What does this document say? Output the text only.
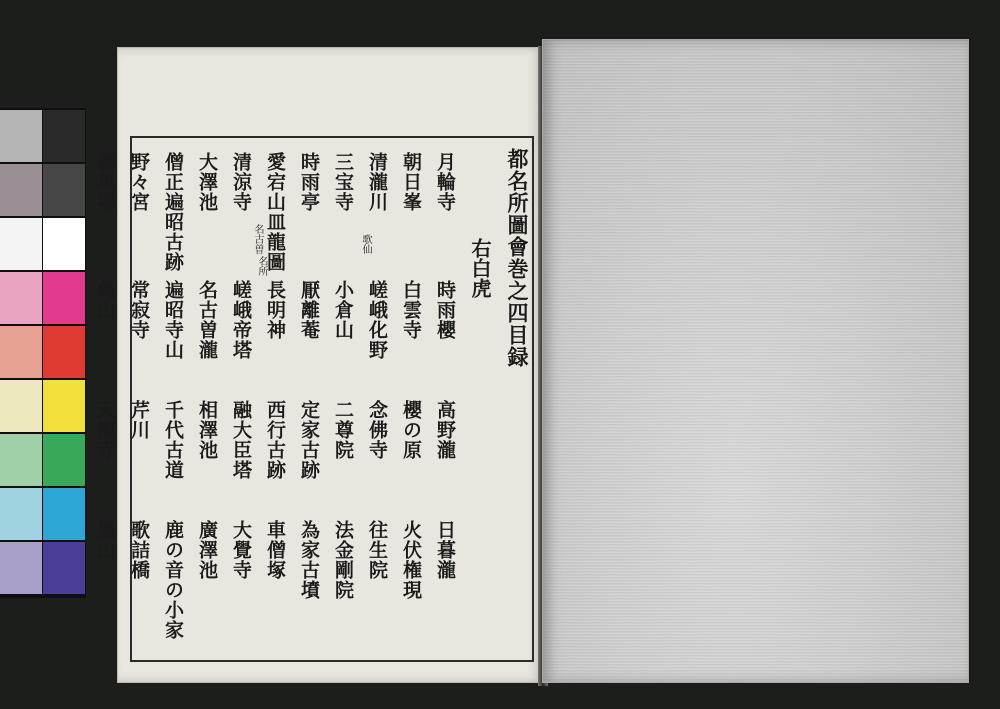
都名所圖會巻之四目録
右白虎
月輪寺
時雨櫻
高野瀧
日暮瀧
朝日峯
白雲寺
櫻の原
火伏権現
清瀧川
嵯峨化野
念佛寺
往生院
三宝寺
小倉山
二尊院
法金剛院
時雨亭
厭離菴
定家古跡
為家古墳
愛宕山皿龍圖
長明神
西行古跡
車僧塚
清涼寺
嵯峨帝塔
融大臣塔
大覺寺
大澤池
名古曽瀧
相澤池
廣澤池
僧正遍昭古跡
遍昭寺山
千代古道
鹿の音の小家
野々宮
常寂寺
芹川
歌詰橋
藤馬場
亀山
天龍寺
嵐山
歌仙
名所
名古曽
